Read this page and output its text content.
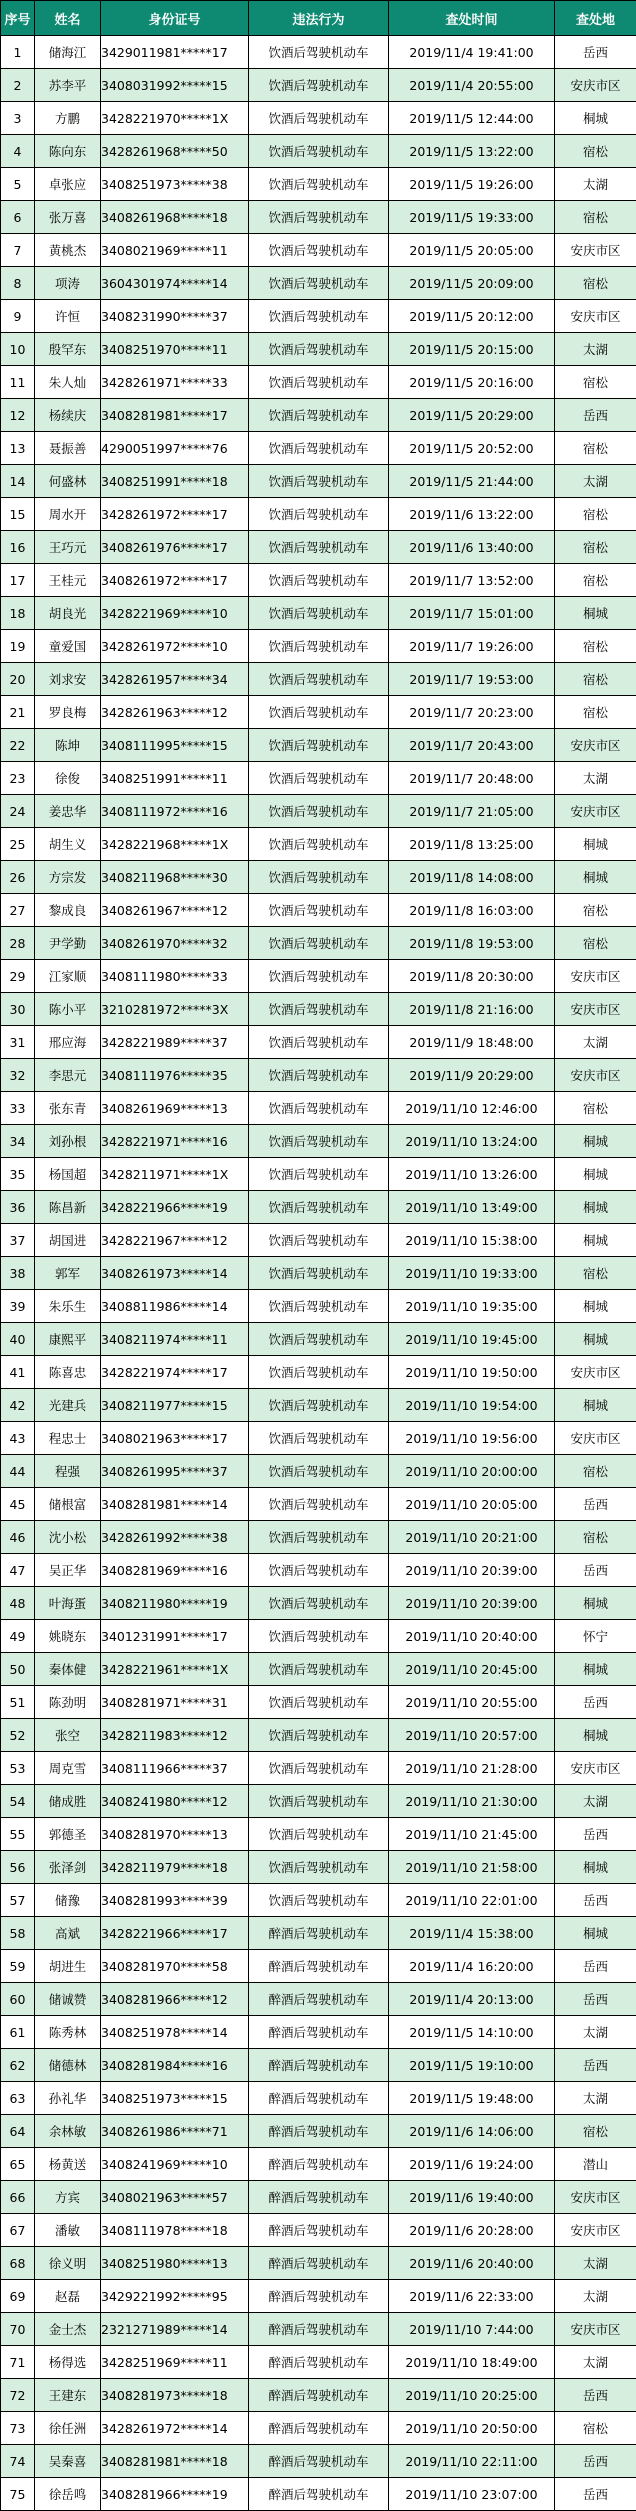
序号	姓名	身份证号	违法行为	查处时间	查处地
1	储海江	3429011981*****17	饮酒后驾驶机动车	2019/11/4 19:41:00	岳西
2	苏李平	3408031992*****15	饮酒后驾驶机动车	2019/11/4 20:55:00	安庆市区
3	方鹏	3428221970*****1X	饮酒后驾驶机动车	2019/11/5 12:44:00	桐城
4	陈向东	3428261968*****50	饮酒后驾驶机动车	2019/11/5 13:22:00	宿松
5	卓张应	3408251973*****38	饮酒后驾驶机动车	2019/11/5 19:26:00	太湖
6	张万喜	3408261968*****18	饮酒后驾驶机动车	2019/11/5 19:33:00	宿松
7	黄桃杰	3408021969*****11	饮酒后驾驶机动车	2019/11/5 20:05:00	安庆市区
8	项涛	3604301974*****14	饮酒后驾驶机动车	2019/11/5 20:09:00	宿松
9	许恒	3408231990*****37	饮酒后驾驶机动车	2019/11/5 20:12:00	安庆市区
10	殷罕东	3408251970*****11	饮酒后驾驶机动车	2019/11/5 20:15:00	太湖
11	朱人灿	3428261971*****33	饮酒后驾驶机动车	2019/11/5 20:16:00	宿松
12	杨续庆	3408281981*****17	饮酒后驾驶机动车	2019/11/5 20:29:00	岳西
13	聂振善	4290051997*****76	饮酒后驾驶机动车	2019/11/5 20:52:00	宿松
14	何盛林	3408251991*****18	饮酒后驾驶机动车	2019/11/5 21:44:00	太湖
15	周水开	3428261972*****17	饮酒后驾驶机动车	2019/11/6 13:22:00	宿松
16	王巧元	3408261976*****17	饮酒后驾驶机动车	2019/11/6 13:40:00	宿松
17	王桂元	3408261972*****17	饮酒后驾驶机动车	2019/11/7 13:52:00	宿松
18	胡良光	3428221969*****10	饮酒后驾驶机动车	2019/11/7 15:01:00	桐城
19	童爱国	3428261972*****10	饮酒后驾驶机动车	2019/11/7 19:26:00	宿松
20	刘求安	3428261957*****34	饮酒后驾驶机动车	2019/11/7 19:53:00	宿松
21	罗良梅	3428261963*****12	饮酒后驾驶机动车	2019/11/7 20:23:00	宿松
22	陈坤	3408111995*****15	饮酒后驾驶机动车	2019/11/7 20:43:00	安庆市区
23	徐俊	3408251991*****11	饮酒后驾驶机动车	2019/11/7 20:48:00	太湖
24	姜忠华	3408111972*****16	饮酒后驾驶机动车	2019/11/7 21:05:00	安庆市区
25	胡生义	3428221968*****1X	饮酒后驾驶机动车	2019/11/8 13:25:00	桐城
26	方宗发	3408211968*****30	饮酒后驾驶机动车	2019/11/8 14:08:00	桐城
27	黎成良	3408261967*****12	饮酒后驾驶机动车	2019/11/8 16:03:00	宿松
28	尹学勤	3408261970*****32	饮酒后驾驶机动车	2019/11/8 19:53:00	宿松
29	江家顺	3408111980*****33	饮酒后驾驶机动车	2019/11/8 20:30:00	安庆市区
30	陈小平	3210281972*****3X	饮酒后驾驶机动车	2019/11/8 21:16:00	安庆市区
31	邢应海	3428221989*****37	饮酒后驾驶机动车	2019/11/9 18:48:00	太湖
32	李思元	3408111976*****35	饮酒后驾驶机动车	2019/11/9 20:29:00	安庆市区
33	张东青	3408261969*****13	饮酒后驾驶机动车	2019/11/10 12:46:00	宿松
34	刘孙根	3428221971*****16	饮酒后驾驶机动车	2019/11/10 13:24:00	桐城
35	杨国超	3428211971*****1X	饮酒后驾驶机动车	2019/11/10 13:26:00	桐城
36	陈昌新	3428221966*****19	饮酒后驾驶机动车	2019/11/10 13:49:00	桐城
37	胡国进	3428221967*****12	饮酒后驾驶机动车	2019/11/10 15:38:00	桐城
38	郭军	3408261973*****14	饮酒后驾驶机动车	2019/11/10 19:33:00	宿松
39	朱乐生	3408811986*****14	饮酒后驾驶机动车	2019/11/10 19:35:00	桐城
40	康熙平	3408211974*****11	饮酒后驾驶机动车	2019/11/10 19:45:00	桐城
41	陈喜忠	3428221974*****17	饮酒后驾驶机动车	2019/11/10 19:50:00	安庆市区
42	光建兵	3408211977*****15	饮酒后驾驶机动车	2019/11/10 19:54:00	桐城
43	程忠士	3408021963*****17	饮酒后驾驶机动车	2019/11/10 19:56:00	安庆市区
44	程强	3408261995*****37	饮酒后驾驶机动车	2019/11/10 20:00:00	宿松
45	储根富	3408281981*****14	饮酒后驾驶机动车	2019/11/10 20:05:00	岳西
46	沈小松	3428261992*****38	饮酒后驾驶机动车	2019/11/10 20:21:00	宿松
47	吴正华	3408281969*****16	饮酒后驾驶机动车	2019/11/10 20:39:00	岳西
48	叶海蛋	3408211980*****19	饮酒后驾驶机动车	2019/11/10 20:39:00	桐城
49	姚晓东	3401231991*****17	饮酒后驾驶机动车	2019/11/10 20:40:00	怀宁
50	秦体健	3428221961*****1X	饮酒后驾驶机动车	2019/11/10 20:45:00	桐城
51	陈劲明	3408281971*****31	饮酒后驾驶机动车	2019/11/10 20:55:00	岳西
52	张空	3428211983*****12	饮酒后驾驶机动车	2019/11/10 20:57:00	桐城
53	周克雪	3408111966*****37	饮酒后驾驶机动车	2019/11/10 21:28:00	安庆市区
54	储成胜	3408241980*****12	饮酒后驾驶机动车	2019/11/10 21:30:00	太湖
55	郭德圣	3408281970*****13	饮酒后驾驶机动车	2019/11/10 21:45:00	岳西
56	张泽剑	3428211979*****18	饮酒后驾驶机动车	2019/11/10 21:58:00	桐城
57	储豫	3408281993*****39	饮酒后驾驶机动车	2019/11/10 22:01:00	岳西
58	高斌	3428221966*****17	醉酒后驾驶机动车	2019/11/4 15:38:00	桐城
59	胡进生	3408281970*****58	醉酒后驾驶机动车	2019/11/4 16:20:00	岳西
60	储诚赞	3408281966*****12	醉酒后驾驶机动车	2019/11/4 20:13:00	岳西
61	陈秀林	3408251978*****14	醉酒后驾驶机动车	2019/11/5 14:10:00	太湖
62	储德林	3408281984*****16	醉酒后驾驶机动车	2019/11/5 19:10:00	岳西
63	孙礼华	3408251973*****15	醉酒后驾驶机动车	2019/11/5 19:48:00	太湖
64	余林敏	3408261986*****71	醉酒后驾驶机动车	2019/11/6 14:06:00	宿松
65	杨黄送	3408241969*****10	醉酒后驾驶机动车	2019/11/6 19:24:00	潜山
66	方宾	3408021963*****57	醉酒后驾驶机动车	2019/11/6 19:40:00	安庆市区
67	潘敏	3408111978*****18	醉酒后驾驶机动车	2019/11/6 20:28:00	安庆市区
68	徐义明	3408251980*****13	醉酒后驾驶机动车	2019/11/6 20:40:00	太湖
69	赵磊	3429221992*****95	醉酒后驾驶机动车	2019/11/6 22:33:00	太湖
70	金士杰	2321271989*****14	醉酒后驾驶机动车	2019/11/10 7:44:00	安庆市区
71	杨得选	3428251969*****11	醉酒后驾驶机动车	2019/11/10 18:49:00	太湖
72	王建东	3408281973*****18	醉酒后驾驶机动车	2019/11/10 20:25:00	岳西
73	徐任洲	3428261972*****14	醉酒后驾驶机动车	2019/11/10 20:50:00	宿松
74	吴秦喜	3408281981*****18	醉酒后驾驶机动车	2019/11/10 22:11:00	岳西
75	徐岳鸣	3408281966*****19	醉酒后驾驶机动车	2019/11/10 23:07:00	岳西
